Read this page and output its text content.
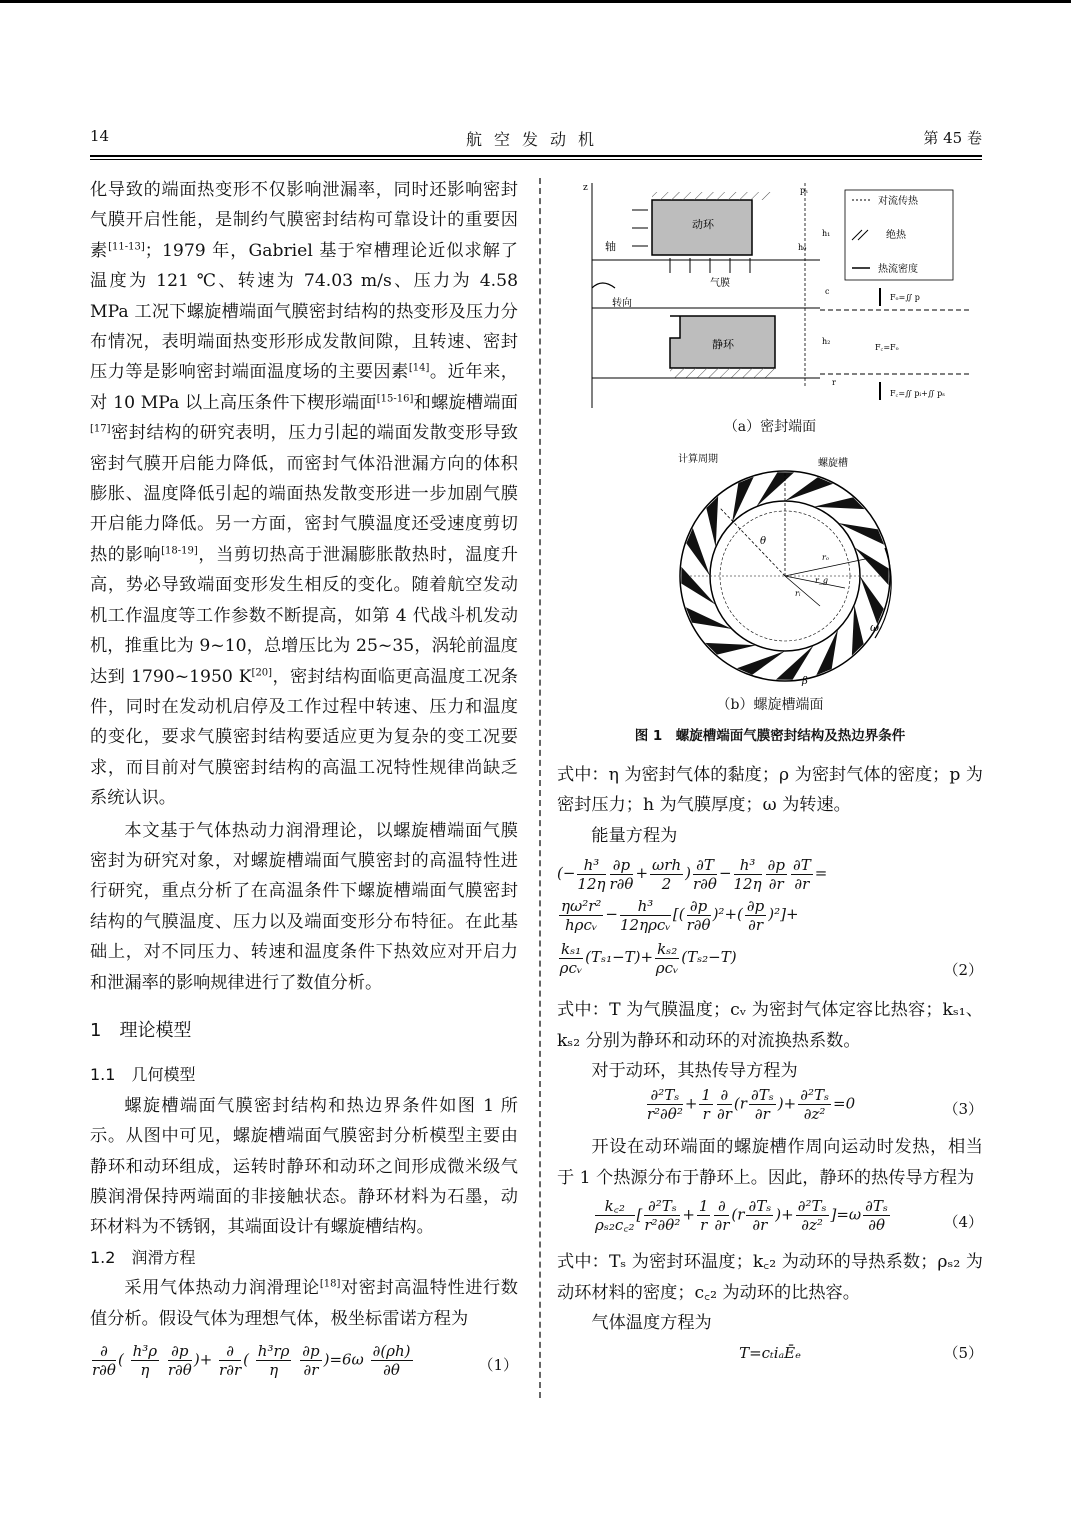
14	航空发动机	第 45 卷

化导致的端面热变形不仅影响泄漏率，同时还影响密封气膜开启性能，是制约气膜密封结构可靠设计的重要因素[11-13]；1979 年，Gabriel 基于窄槽理论近似求解了温度为 121 ℃、转速为 74.03 m/s、压力为 4.58 MPa 工况下螺旋槽端面气膜密封结构的热变形及压力分布情况，表明端面热变形形成发散间隙，且转速、密封压力等是影响密封端面温度场的主要因素[14]。近年来，对 10 MPa 以上高压条件下楔形端面[15-16]和螺旋槽端面[17]密封结构的研究表明，压力引起的端面发散变形导致密封气膜开启能力降低，而密封气体沿泄漏方向的体积膨胀、温度降低引起的端面热发散变形进一步加剧气膜开启能力降低。另一方面，密封气膜温度还受速度剪切热的影响[18-19]，当剪切热高于泄漏膨胀散热时，温度升高，势必导致端面变形发生相反的变化。随着航空发动机工作温度等工作参数不断提高，如第 4 代战斗机发动机，推重比为 9~10，总增压比为 25~35，涡轮前温度达到 1790~1950 K[20]，密封结构面临更高温度工况条件，同时在发动机启停及工作过程中转速、压力和温度的变化，要求气膜密封结构要适应更为复杂的变工况要求，而目前对气膜密封结构的高温工况特性规律尚缺乏系统认识。

本文基于气体热动力润滑理论，以螺旋槽端面气膜密封为研究对象，对螺旋槽端面气膜密封的高温特性进行研究，重点分析了在高温条件下螺旋槽端面气膜密封结构的气膜温度、压力以及端面变形分布特征。在此基础上，对不同压力、转速和温度条件下热效应对开启力和泄漏率的影响规律进行了数值分析。

1　理论模型

1.1　几何模型

螺旋槽端面气膜密封结构和热边界条件如图 1 所示。从图中可见，螺旋槽端面气膜密封分析模型主要由静环和动环组成，运转时静环和动环之间形成微米级气膜润滑保持两端面的非接触状态。静环材料为石墨，动环材料为不锈钢，其端面设计有螺旋槽结构。

1.2　润滑方程

采用气体热动力润滑理论[18]对密封高温特性进行数值分析。假设气体为理想气体，极坐标雷诺方程为

$\frac{\partial}{r\partial\theta}$ ( $\frac{\text{h³ρ}}{\eta}$
$\frac{\partial p}{r\partial\theta}$ )+ $\frac{\partial}{r\partial r}$ ( $\frac{\text{h³rρ}}{\eta}$
$\frac{\partial p}{\partial r} )=6\omega \frac{\partial(\rho h)}{\partial\theta}$	（1）
z
轴
动环
气膜
转向
静环
pₛ
h₁
h₀
c
h₂
r
对流传热
绝热
热流密度
Fₒ=∬ p
F꜀=Fₒ
F꜀=∬ pᵢ+∬ pₛ
（a）密封端面
计算周期	螺旋槽
θ
rₒ
r_g
rᵢ
ω
β
（b）螺旋槽端面
图 1　螺旋槽端面气膜密封结构及热边界条件

式中：η 为密封气体的黏度；ρ 为密封气体的密度；p 为密封压力；h 为气膜厚度；ω 为转速。

能量方程为

(− $\frac{\text{h³}}{12\eta} \frac{\partial p}{r\partial\theta} + \frac{\text{ωrh}}{2}$ ) $\frac{\partial T}{r\partial\theta} - \frac{\text{h³}}{12\eta} \frac{\partial p}{\partial r} \frac{\partial T}{\partial r}$ =
$\frac{\text{ηω²r²}}{\text{hρcᵥ}} - \frac{\text{h³}}{\text{12ηρcᵥ}}$ [( $\frac{\partial p}{r\partial\theta} )^2+( \frac{\partial p}{\partial r} )^2]+$
$\frac{\text{kₛ₁}}{\text{ρcᵥ}} (T_{s1}-T)+ \frac{\text{kₛ₂}}{\text{ρcᵥ}} (T_{s2}-T)$
（2）

式中：T 为气膜温度；cᵥ 为密封气体定容比热容；kₛ₁、kₛ₂ 分别为静环和动环的对流换热系数。

对于动环，其热传导方程为

$\frac{\text{∂²Tₛ}}{\text{r²∂θ²}} + \frac{1}{r} \frac{\partial}{\partial r} (r \frac{\text{∂Tₛ}}{\partial r}$ )+ $\frac{\text{∂²Tₛ}}{\text{∂z²}} =0$	（3）

开设在动环端面的螺旋槽作周向运动时发热，相当于 1 个热源分布于静环上。因此，静环的热传导方程为

$\frac{\text{k꜀₂}}{\text{ρₛ₂c꜀₂}}$ [ $\frac{\text{∂²Tₛ}}{\text{r²∂θ²}} + \frac{1}{r} \frac{\partial}{\partial r} (r \frac{\text{∂Tₛ}}{\partial r}$ )+ $\frac{\text{∂²Tₛ}}{\text{∂z²}} ]=\omega \frac{\text{∂Tₛ}}{\partial\theta}$	（4）

式中：Tₛ 为密封环温度；k꜀₂ 为动环的导热系数；ρₛ₂ 为动环材料的密度；c꜀₂ 为动环的比热容。

气体温度方程为

T=cₜiₐĒₑ	（5）
